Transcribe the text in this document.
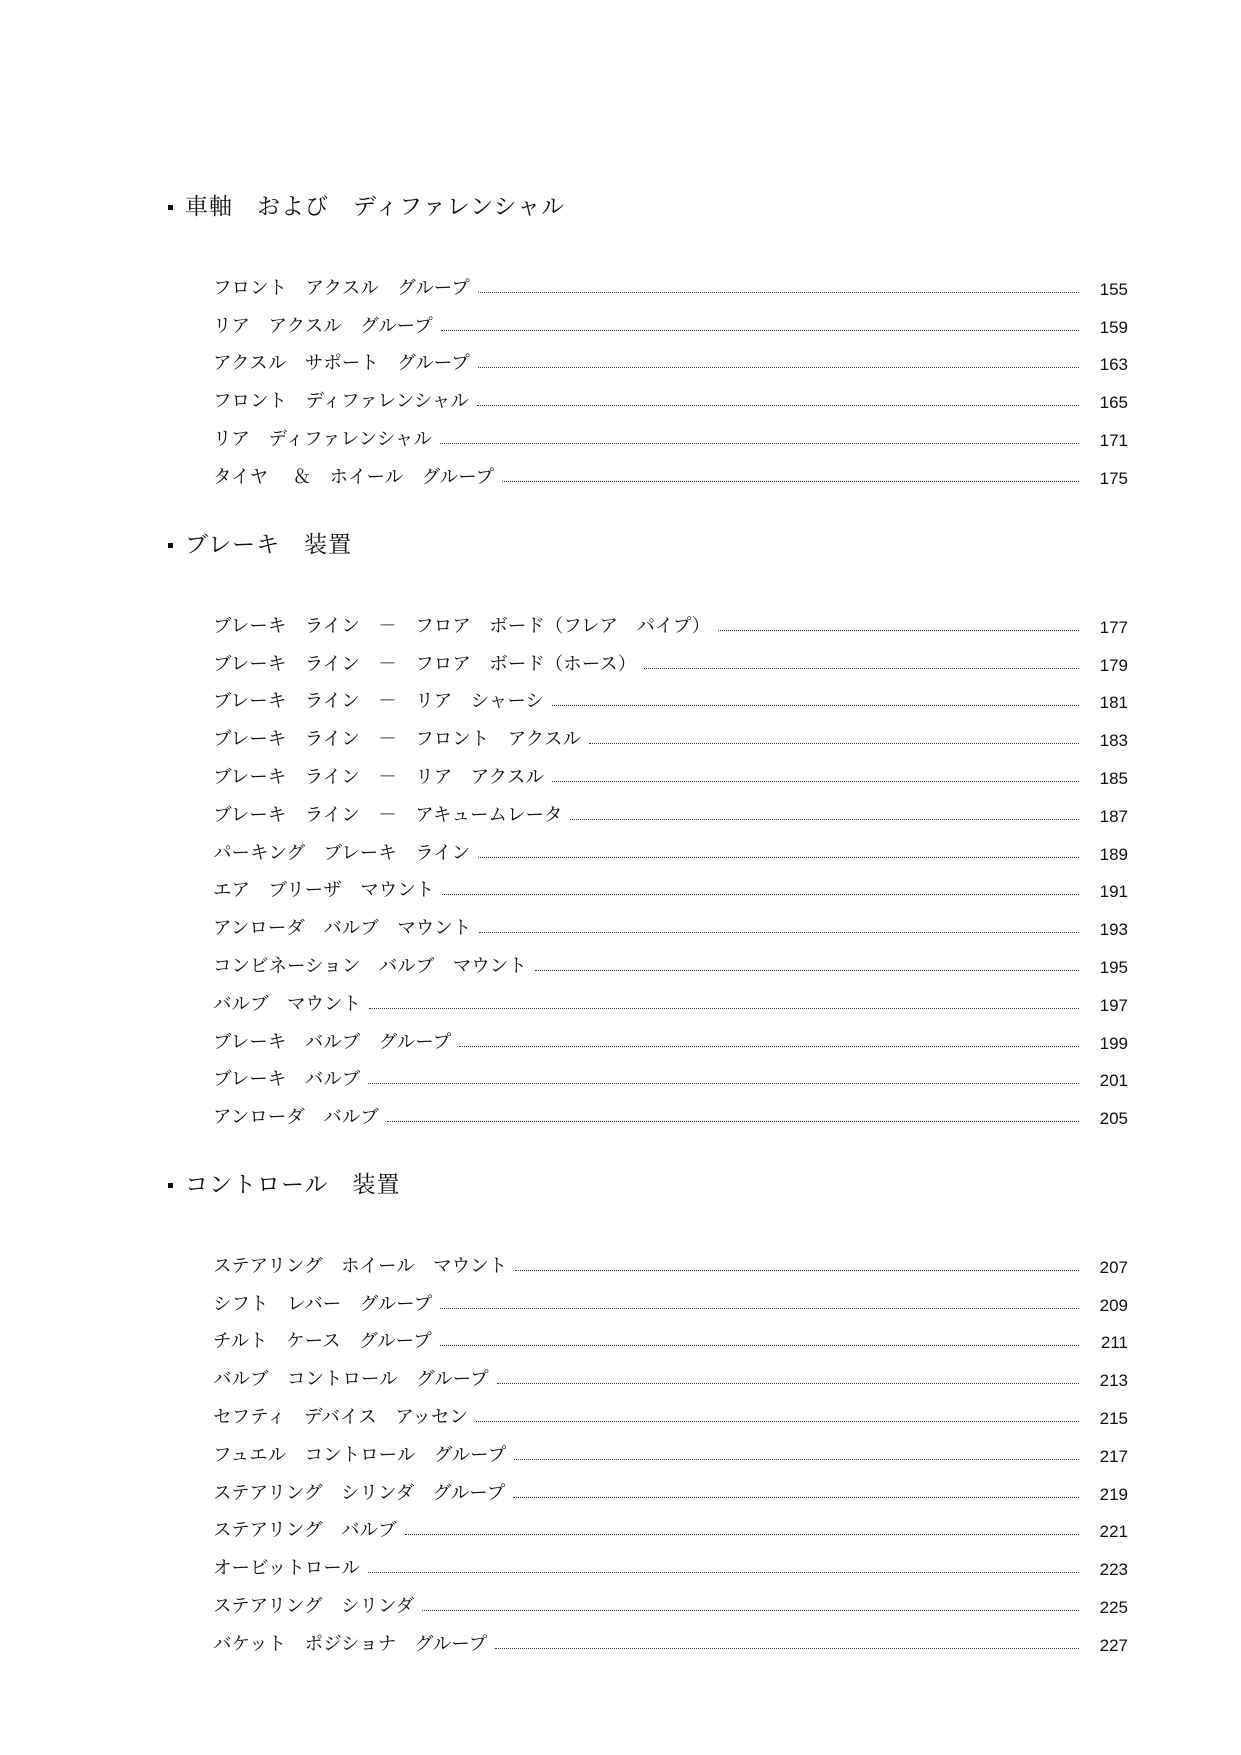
車軸　および　ディファレンシャル
フロント　アクスル　グループ	155
リア　アクスル　グループ	159
アクスル　サポート　グループ	163
フロント　ディファレンシャル	165
リア　ディファレンシャル	171
タイヤ　 ＆　ホイール　グループ	175
ブレーキ　装置
ブレーキ　ライン　－　フロア　ボード（フレア　パイプ）	177
ブレーキ　ライン　－　フロア　ボード（ホース）	179
ブレーキ　ライン　－　リア　シャーシ	181
ブレーキ　ライン　－　フロント　アクスル	183
ブレーキ　ライン　－　リア　アクスル	185
ブレーキ　ライン　－　アキュームレータ	187
パーキング　ブレーキ　ライン	189
エア　ブリーザ　マウント	191
アンローダ　バルブ　マウント	193
コンビネーション　バルブ　マウント	195
バルブ　マウント	197
ブレーキ　バルブ　グループ	199
ブレーキ　バルブ	201
アンローダ　バルブ	205
コントロール　装置
ステアリング　ホイール　マウント	207
シフト　レバー　グループ	209
チルト　ケース　グループ	211
バルブ　コントロール　グループ	213
セフティ　デバイス　アッセン	215
フュエル　コントロール　グループ	217
ステアリング　シリンダ　グループ	219
ステアリング　バルブ	221
オービットロール	223
ステアリング　シリンダ	225
バケット　ポジショナ　グループ	227
